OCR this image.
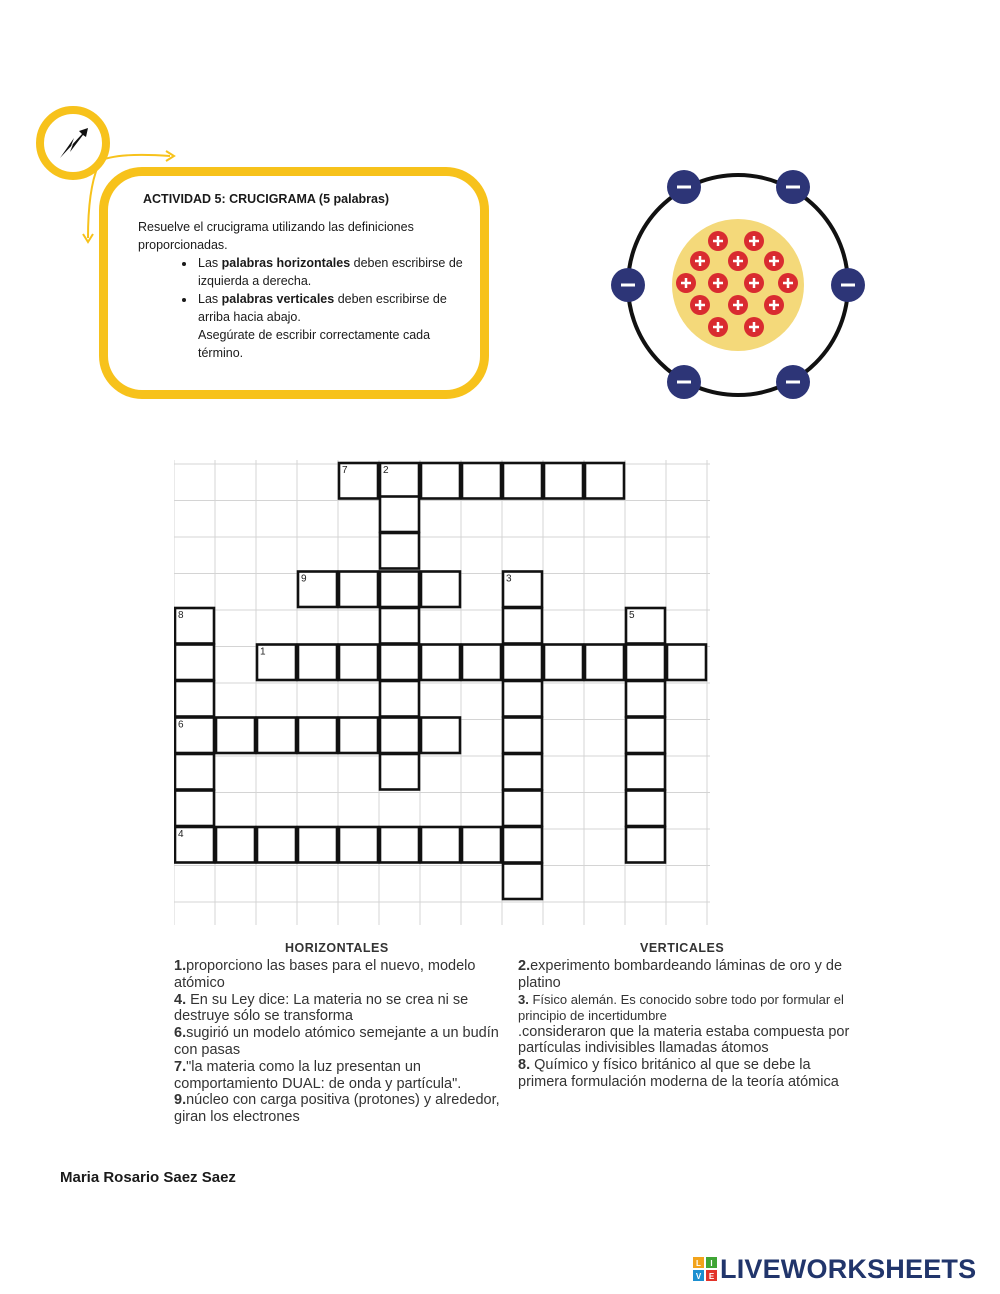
ACTIVIDAD 5: CRUCIGRAMA (5 palabras)
Resuelve el crucigrama utilizando las definiciones proporcionadas.
• Las palabras horizontales deben escribirse de izquierda a derecha.
• Las palabras verticales deben escribirse de arriba hacia abajo.
Asegúrate de escribir correctamente cada término.
7	2
9	3
8	5
1
6
4
HORIZONTALES	VERTICALES

1.proporciono las bases para el nuevo, modelo atómico

4. En su Ley dice: La materia no se crea ni se destruye sólo se transforma

6.sugirió un modelo atómico semejante a un budín con pasas

7."la materia como la luz presentan un comportamiento DUAL: de onda y partícula".

9.núcleo con carga positiva (protones) y alrededor, giran los electrones

2.experimento bombardeando láminas de oro y de platino

3. Físico alemán. Es conocido sobre todo por formular el principio de incertidumbre

.consideraron que la materia estaba compuesta por partículas indivisibles llamadas átomos

8. Químico y físico británico al que se debe la primera formulación moderna de la teoría atómica

Maria Rosario Saez Saez
L I
V E LIVEWORKSHEETS
